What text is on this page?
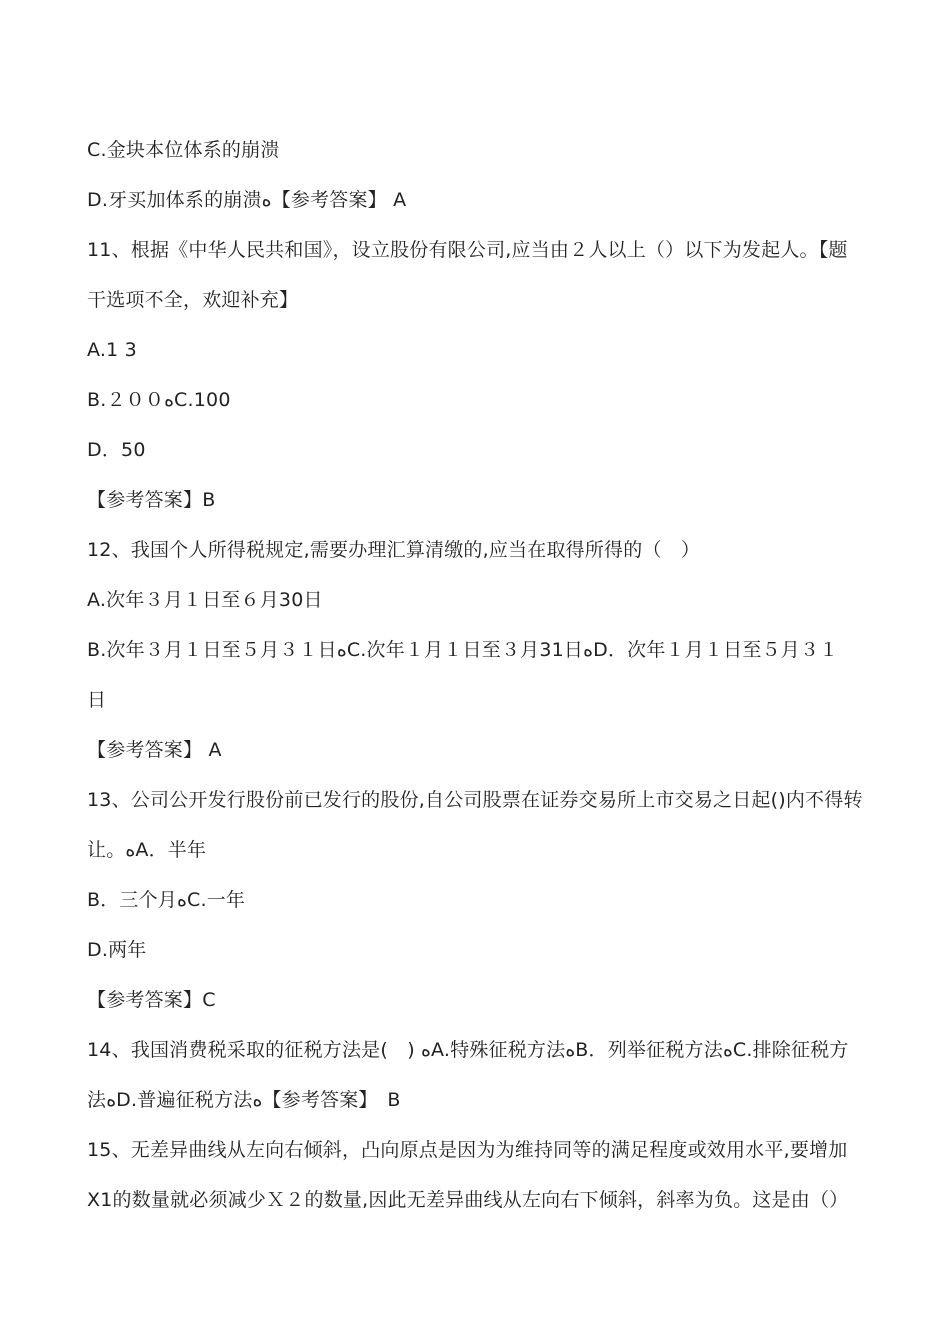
C.金块本位体系的崩溃
D.牙买加体系的崩溃ﻩ【参考答案】 A
11、根据《中华人民共和国》，设立股份有限公司,应当由２人以上（）以下为发起人。【题
干选项不全，欢迎补充】
A.1 3
B.２００ﻩC.100
D．50
【参考答案】B
12、我国个人所得税规定,需要办理汇算清缴的,应当在取得所得的（　）
A.次年３月１日至６月30日
B.次年３月１日至５月３１日ﻩC.次年１月１日至３月31日ﻩD．次年１月１日至５月３１
日
【参考答案】 A
13、公司公开发行股份前已发行的股份,自公司股票在证券交易所上市交易之日起()内不得转
让。ﻩA．半年
B．三个月ﻩC.一年
D.两年
【参考答案】C
14、我国消费税采取的征税方法是(　) ﻩA.特殊征税方法ﻩB．列举征税方法ﻩC.排除征税方
法ﻩD.普遍征税方法ﻩ【参考答案】　B
15、无差异曲线从左向右倾斜，凸向原点是因为为维持同等的满足程度或效用水平,要增加
X1的数量就必须减少Ｘ２的数量,因此无差异曲线从左向右下倾斜，斜率为负。这是由（）
